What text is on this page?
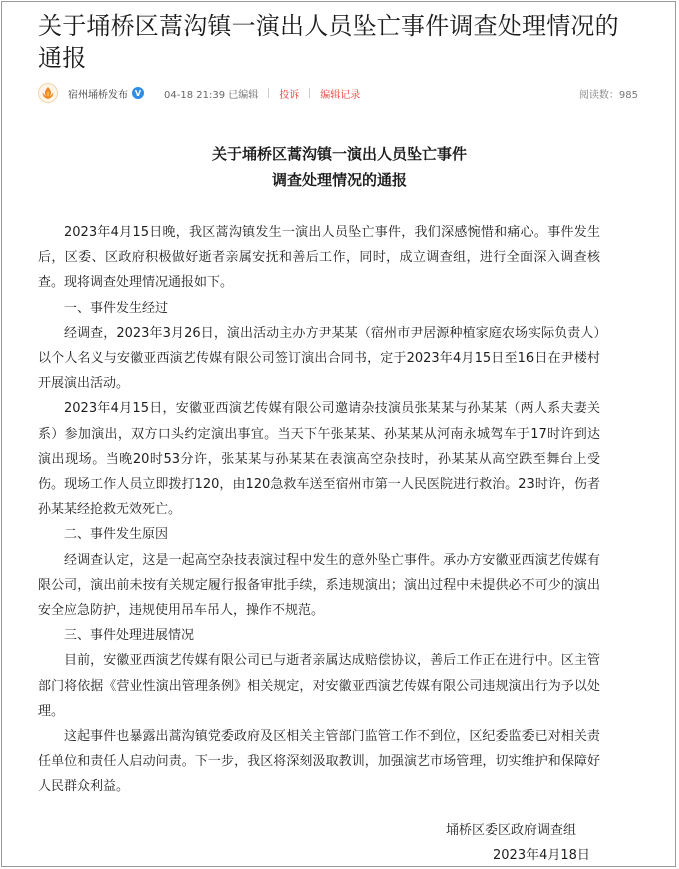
关于埇桥区蒿沟镇一演出人员坠亡事件调查处理情况的通报
宿州埇桥发布 V 04-18 21:39 已编辑 投诉 编辑记录	阅读数：985
关于埇桥区蒿沟镇一演出人员坠亡事件
调查处理情况的通报

2023年4月15日晚，我区蒿沟镇发生一演出人员坠亡事件，我们深感惋惜和痛心。事件发生后，区委、区政府积极做好逝者亲属安抚和善后工作，同时，成立调查组，进行全面深入调查核查。现将调查处理情况通报如下。

一、事件发生经过

经调查，2023年3月26日，演出活动主办方尹某某（宿州市尹居源种植家庭农场实际负责人）以个人名义与安徽亚西演艺传媒有限公司签订演出合同书，定于2023年4月15日至16日在尹楼村开展演出活动。

2023年4月15日，安徽亚西演艺传媒有限公司邀请杂技演员张某某与孙某某（两人系夫妻关系）参加演出，双方口头约定演出事宜。当天下午张某某、孙某某从河南永城驾车于17时许到达演出现场。当晚20时53分许，张某某与孙某某在表演高空杂技时，孙某某从高空跌至舞台上受伤。现场工作人员立即拨打120，由120急救车送至宿州市第一人民医院进行救治。23时许，伤者孙某某经抢救无效死亡。

二、事件发生原因

经调查认定，这是一起高空杂技表演过程中发生的意外坠亡事件。承办方安徽亚西演艺传媒有限公司，演出前未按有关规定履行报备审批手续，系违规演出；演出过程中未提供必不可少的演出安全应急防护，违规使用吊车吊人，操作不规范。

三、事件处理进展情况

目前，安徽亚西演艺传媒有限公司已与逝者亲属达成赔偿协议，善后工作正在进行中。区主管部门将依据《营业性演出管理条例》相关规定，对安徽亚西演艺传媒有限公司违规演出行为予以处理。

这起事件也暴露出蒿沟镇党委政府及区相关主管部门监管工作不到位，区纪委监委已对相关责任单位和责任人启动问责。下一步，我区将深刻汲取教训，加强演艺市场管理，切实维护和保障好人民群众利益。

埇桥区委区政府调查组
2023年4月18日
